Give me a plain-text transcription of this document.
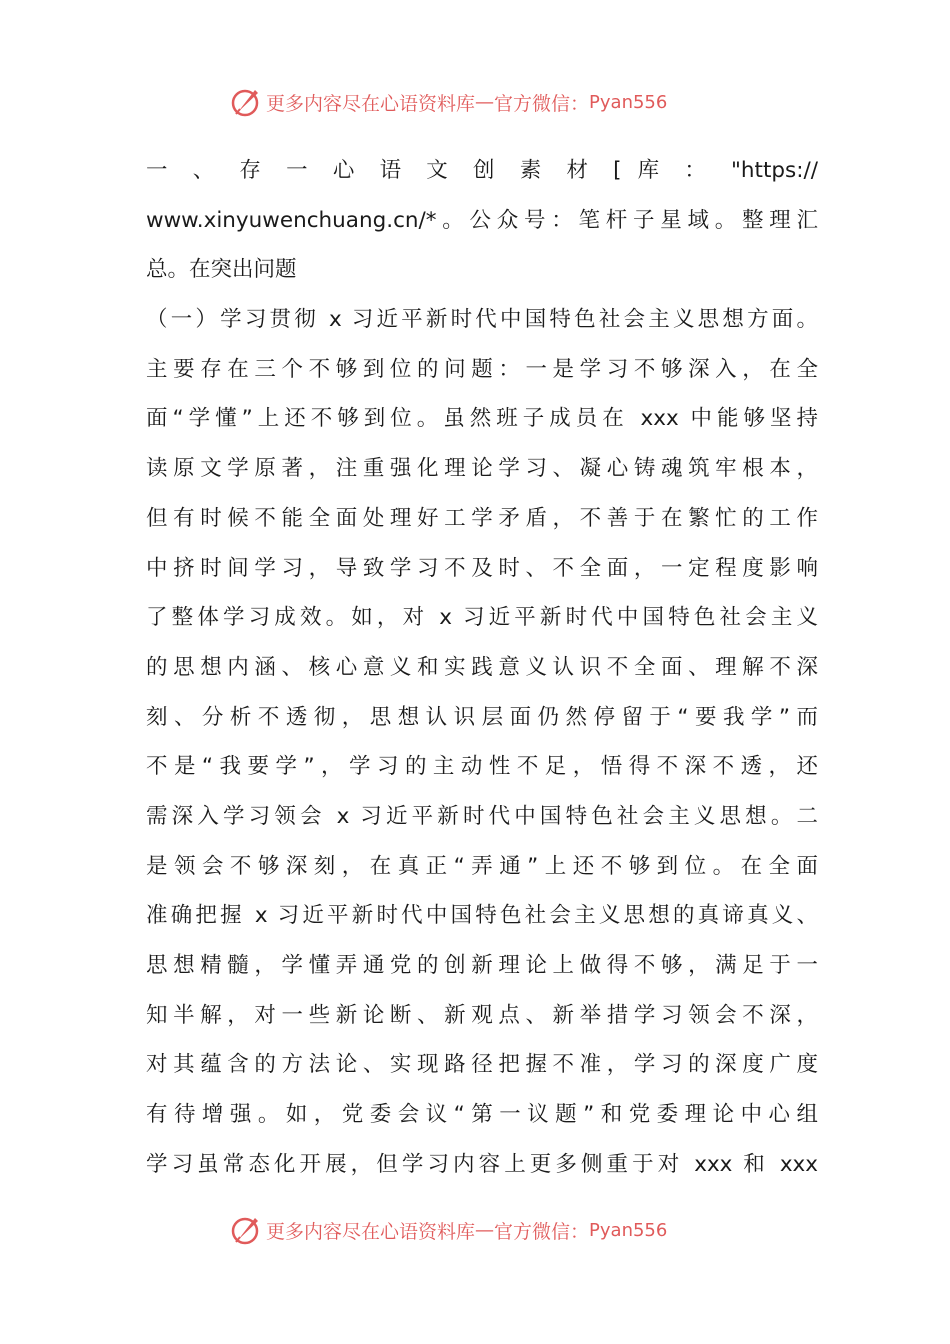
更多内容尽在心语资料库 — 官方微信： Pyan556
一 、 存 一 心 语 文 创 素 材 [ 库 ： "https://
www.xinyuwenchuang.cn/*。公众号：笔杆子星域。整理汇
总。在突出问题
（一）学习贯彻 x 习近平新时代中国特色社会主义思想方面。
主要存在三个不够到位的问题：一是学习不够深入，在全
面“学懂”上还不够到位。虽然班子成员在 xxx 中能够坚持
读原文学原著，注重强化理论学习、凝心铸魂筑牢根本，
但有时候不能全面处理好工学矛盾，不善于在繁忙的工作
中挤时间学习，导致学习不及时、不全面，一定程度影响
了整体学习成效。如，对 x 习近平新时代中国特色社会主义
的思想内涵、核心意义和实践意义认识不全面、理解不深
刻、分析不透彻，思想认识层面仍然停留于“要我学”而
不是“我要学”，学习的主动性不足，悟得不深不透，还
需深入学习领会 x 习近平新时代中国特色社会主义思想。二
是领会不够深刻，在真正“弄通”上还不够到位。在全面
准确把握 x 习近平新时代中国特色社会主义思想的真谛真义、
思想精髓，学懂弄通党的创新理论上做得不够，满足于一
知半解，对一些新论断、新观点、新举措学习领会不深，
对其蕴含的方法论、实现路径把握不准，学习的深度广度
有待增强。如，党委会议“第一议题”和党委理论中心组
学习虽常态化开展，但学习内容上更多侧重于对 xxx 和 xxx
更多内容尽在心语资料库 — 官方微信： Pyan556
